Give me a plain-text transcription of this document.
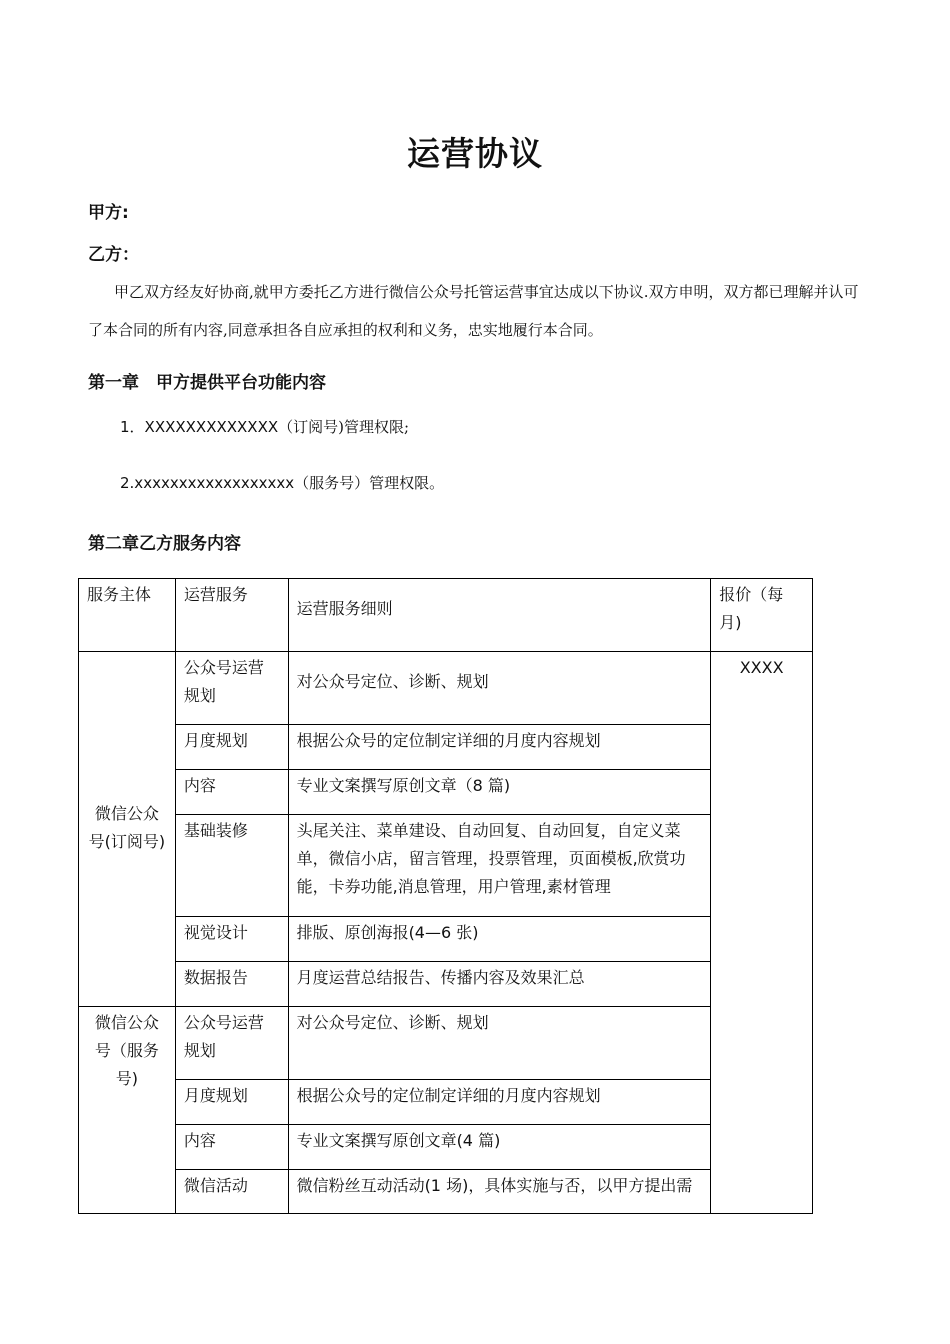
运营协议
甲方:
乙方：
甲乙双方经友好协商,就甲方委托乙方进行微信公众号托管运营事宜达成以下协议.双方申明，双方都已理解并认可了本合同的所有内容,同意承担各自应承担的权利和义务，忠实地履行本合同。
第一章　甲方提供平台功能内容
1．XXXXXXXXXXXXX（订阅号)管理权限;
2.xxxxxxxxxxxxxxxxxx（服务号）管理权限。
第二章乙方服务内容
服务主体	运营服务	运营服务细则	报价（每月)
微信公众号(订阅号)	公众号运营规划	对公众号定位、诊断、规划	XXXX
	月度规划	根据公众号的定位制定详细的月度内容规划	
	内容	专业文案撰写原创文章（8 篇)	
	基础装修	头尾关注、菜单建设、自动回复、自动回复，自定义菜单，微信小店，留言管理，投票管理，页面模板,欣赏功能，卡券功能,消息管理，用户管理,素材管理	
	视觉设计	排版、原创海报(4—6 张)	
	数据报告	月度运营总结报告、传播内容及效果汇总	
微信公众号（服务号)	公众号运营规划	对公众号定位、诊断、规划	
	月度规划	根据公众号的定位制定详细的月度内容规划	
	内容	专业文案撰写原创文章(4 篇)	
	微信活动	微信粉丝互动活动(1 场)，具体实施与否，以甲方提出需	
